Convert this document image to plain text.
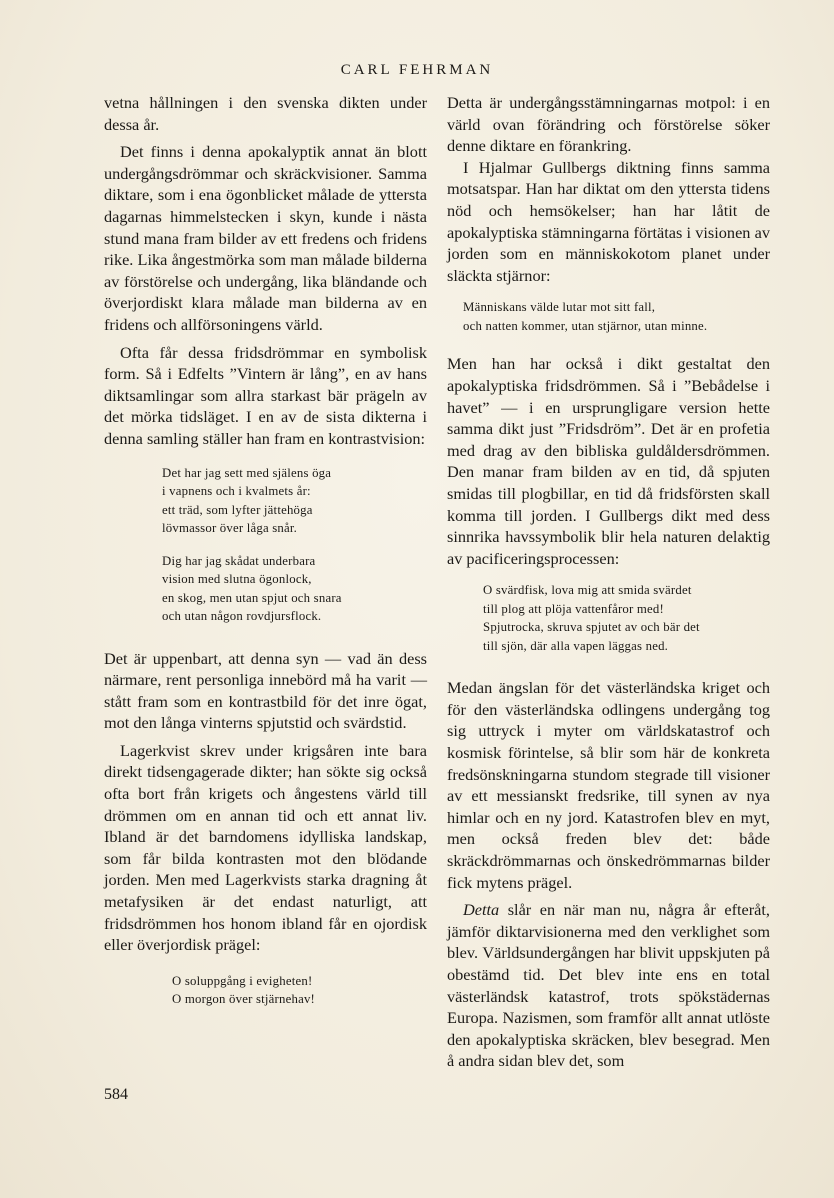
CARL FEHRMAN

vetna hållningen i den svenska dikten under dessa år.

Det finns i denna apokalyptik annat än blott undergångsdrömmar och skräckvisioner. Samma diktare, som i ena ögonblicket målade de yttersta dagarnas himmelstecken i skyn, kunde i nästa stund mana fram bilder av ett fredens och fridens rike. Lika ångestmörka som man målade bilderna av förstörelse och undergång, lika bländande och överjordiskt klara målade man bilderna av en fridens och allförsoningens värld.

Ofta får dessa fridsdrömmar en symbolisk form. Så i Edfelts ”Vintern är lång”, en av hans diktsamlingar som allra starkast bär prägeln av det mörka tidsläget. I en av de sista dikterna i denna samling ställer han fram en kontrastvision:

Det har jag sett med själens öga
i vapnens och i kvalmets år:
ett träd, som lyfter jättehöga
lövmassor över låga snår.
Dig har jag skådat underbara
vision med slutna ögonlock,
en skog, men utan spjut och snara
och utan någon rovdjursflock.

Det är uppenbart, att denna syn — vad än dess närmare, rent personliga innebörd må ha varit — stått fram som en kontrastbild för det inre ögat, mot den långa vinterns spjutstid och svärdstid.

Lagerkvist skrev under krigsåren inte bara direkt tidsengagerade dikter; han sökte sig också ofta bort från krigets och ångestens värld till drömmen om en annan tid och ett annat liv. Ibland är det barndomens idylliska landskap, som får bilda kontrasten mot den blödande jorden. Men med Lagerkvists starka dragning åt metafysiken är det endast naturligt, att fridsdrömmen hos honom ibland får en ojordisk eller överjordisk prägel:

O soluppgång i evigheten!
O morgon över stjärnehav!

Detta är undergångsstämningarnas motpol: i en värld ovan förändring och förstörelse söker denne diktare en förankring.

I Hjalmar Gullbergs diktning finns samma motsatspar. Han har diktat om den yttersta tidens nöd och hemsökelser; han har låtit de apokalyptiska stämningarna förtätas i visionen av jorden som en människokotom planet under släckta stjärnor:

Människans välde lutar mot sitt fall,
och natten kommer, utan stjärnor, utan minne.

Men han har också i dikt gestaltat den apokalyptiska fridsdrömmen. Så i ”Bebådelse i havet” — i en ursprungligare version hette samma dikt just ”Fridsdröm”. Det är en profetia med drag av den bibliska guldåldersdrömmen. Den manar fram bilden av en tid, då spjuten smidas till plogbillar, en tid då fridsförsten skall komma till jorden. I Gullbergs dikt med dess sinnrika havssymbolik blir hela naturen delaktig av pacificeringsprocessen:

O svärdfisk, lova mig att smida svärdet
till plog att plöja vattenfåror med!
Spjutrocka, skruva spjutet av och bär det
till sjön, där alla vapen läggas ned.

Medan ängslan för det västerländska kriget och för den västerländska odlingens undergång tog sig uttryck i myter om världskatastrof och kosmisk förintelse, så blir som här de konkreta fredsönskningarna stundom stegrade till visioner av ett messianskt fredsrike, till synen av nya himlar och en ny jord. Katastrofen blev en myt, men också freden blev det: både skräckdrömmarnas och önskedrömmarnas bilder fick mytens prägel.

Detta slår en när man nu, några år efteråt, jämför diktarvisionerna med den verklighet som blev. Världsundergången har blivit uppskjuten på obestämd tid. Det blev inte ens en total västerländsk katastrof, trots spökstädernas Europa. Nazismen, som framför allt annat utlöste den apokalyptiska skräcken, blev besegrad. Men å andra sidan blev det, som

584
